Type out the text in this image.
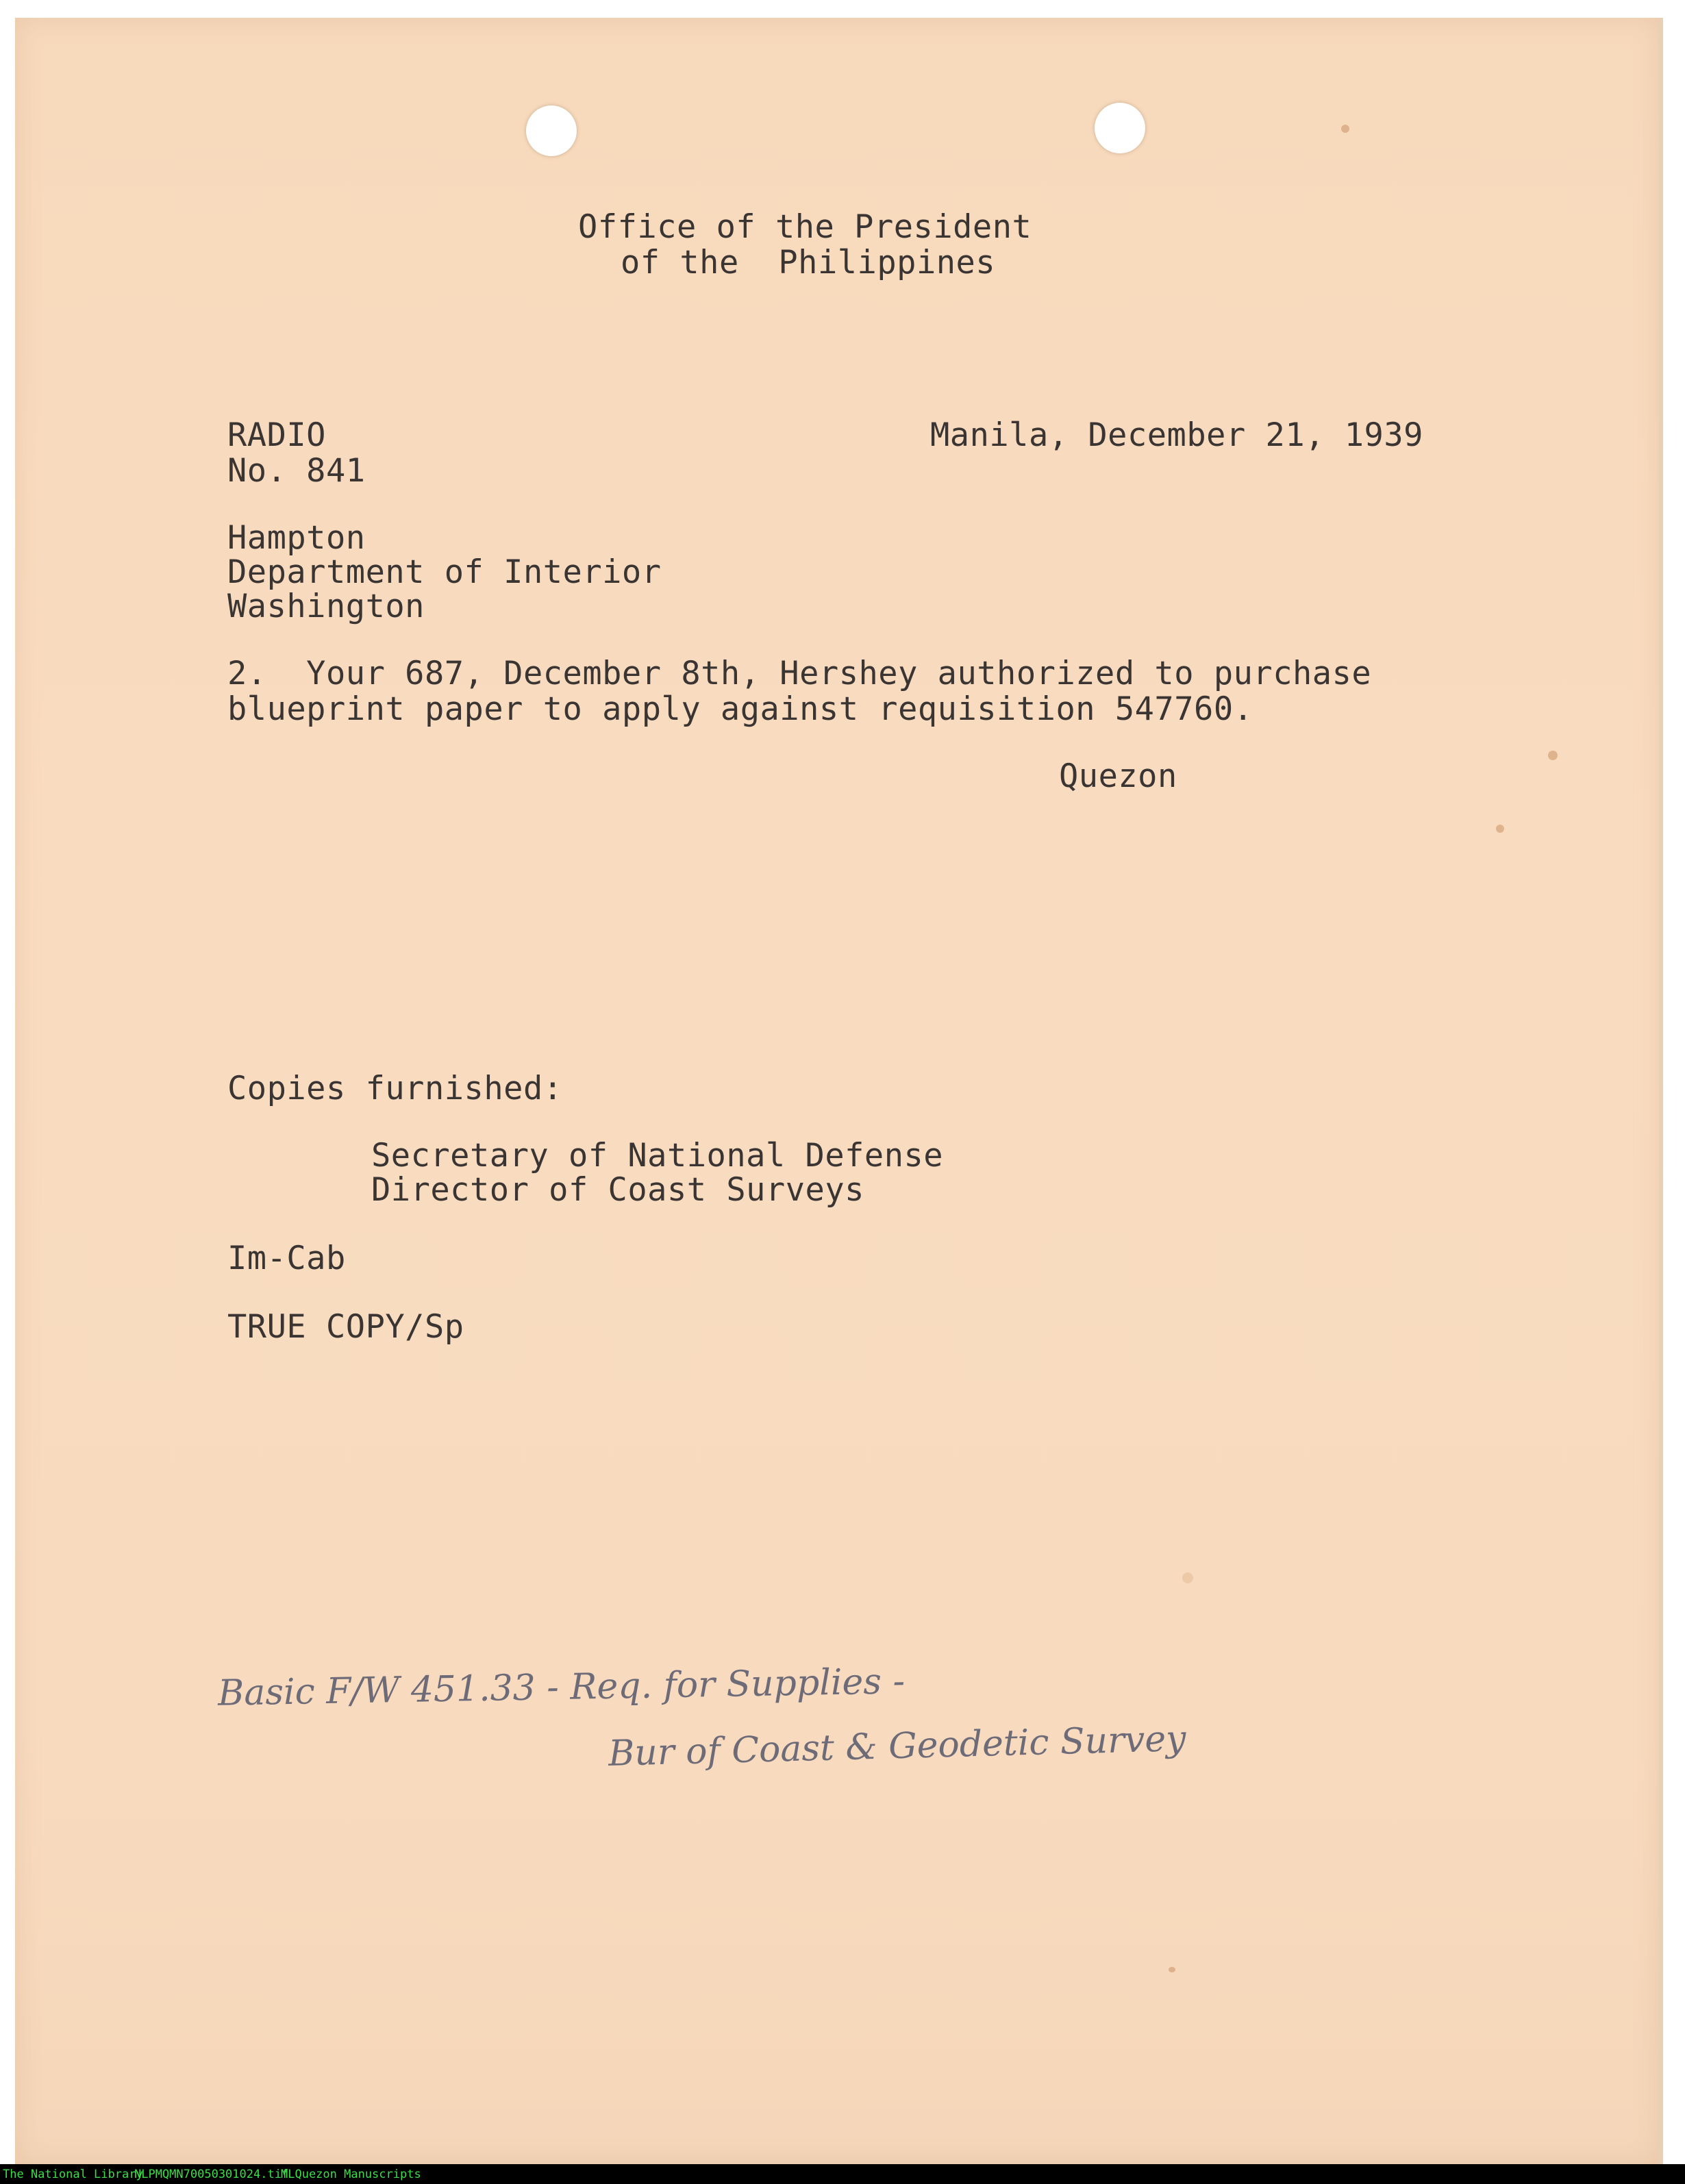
Office of the President
of the  Philippines
RADIO
No. 841
Manila, December 21, 1939
Hampton
Department of Interior
Washington
2.  Your 687, December 8th, Hershey authorized to purchase
blueprint paper to apply against requisition 547760.
Quezon
Copies furnished:
Secretary of National Defense
Director of Coast Surveys
Im-Cab
TRUE COPY/Sp
Basic F/W 451.33 - Req. for Supplies -
Bur of Coast & Geodetic Survey
The National Library
NLPMQMN70050301024.tif
MLQuezon Manuscripts
